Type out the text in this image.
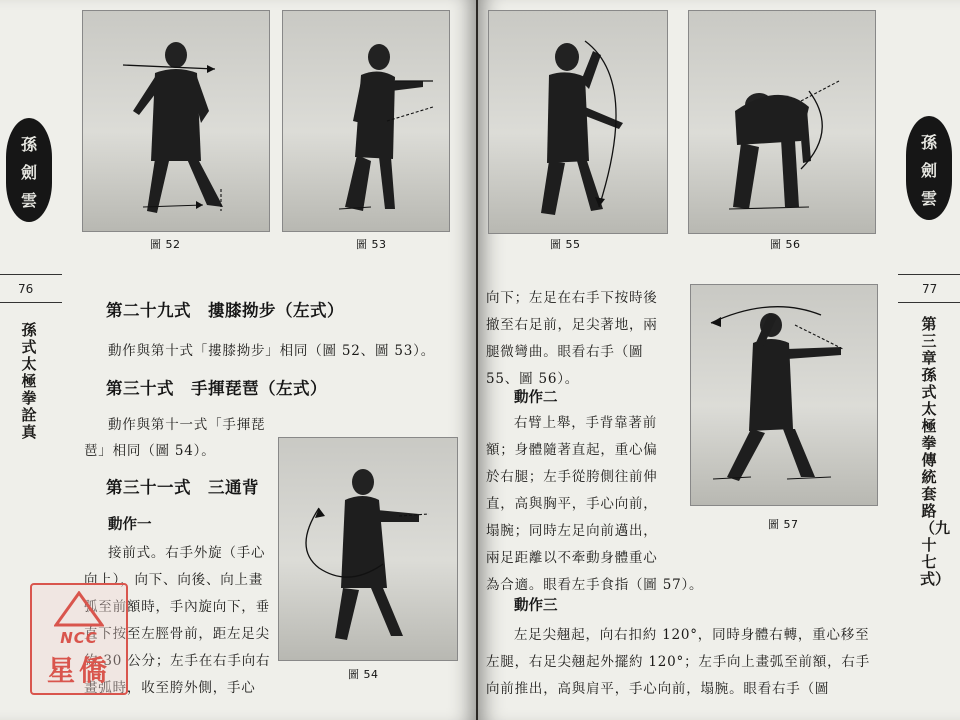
孫
劍
雲
76
孫式太極拳詮真
圖 52	圖 53
第二十九式　摟膝拗步（左式）
動作與第十式「摟膝拗步」相同（圖 52、圖 53）。
第三十式　手揮琵琶（左式）
動作與第十一式「手揮琵
琶」相同（圖 54）。
第三十一式　三通背
動作一
接前式。右手外旋（手心
向上），向下、向後、向上畫
弧至前額時，手內旋向下，垂
直下按至左脛骨前，距左足尖
約 30 公分；左手在右手向右
畫弧時，收至胯外側，手心
圖 54
NCC
星僑
圖 55	圖 56
向下；左足在右手下按時後
撤至右足前，足尖著地，兩
腿微彎曲。眼看右手（圖
55、圖 56）。
動作二
右臂上舉，手背靠著前
額；身體隨著直起，重心偏
於右腿；左手從胯側往前伸
直，高與胸平，手心向前，
塌腕；同時左足向前邁出，
兩足距離以不牽動身體重心
為合適。眼看左手食指（圖 57）。
動作三
左足尖翹起，向右扣約 120°，同時身體右轉，重心移至
左腿，右足尖翹起外擺約 120°；左手向上畫弧至前額，右手
向前推出，高與肩平，手心向前，塌腕。眼看右手（圖
圖 57
孫
劍
雲
77
第三章　孫式太極拳傳統套路（九十七式）
